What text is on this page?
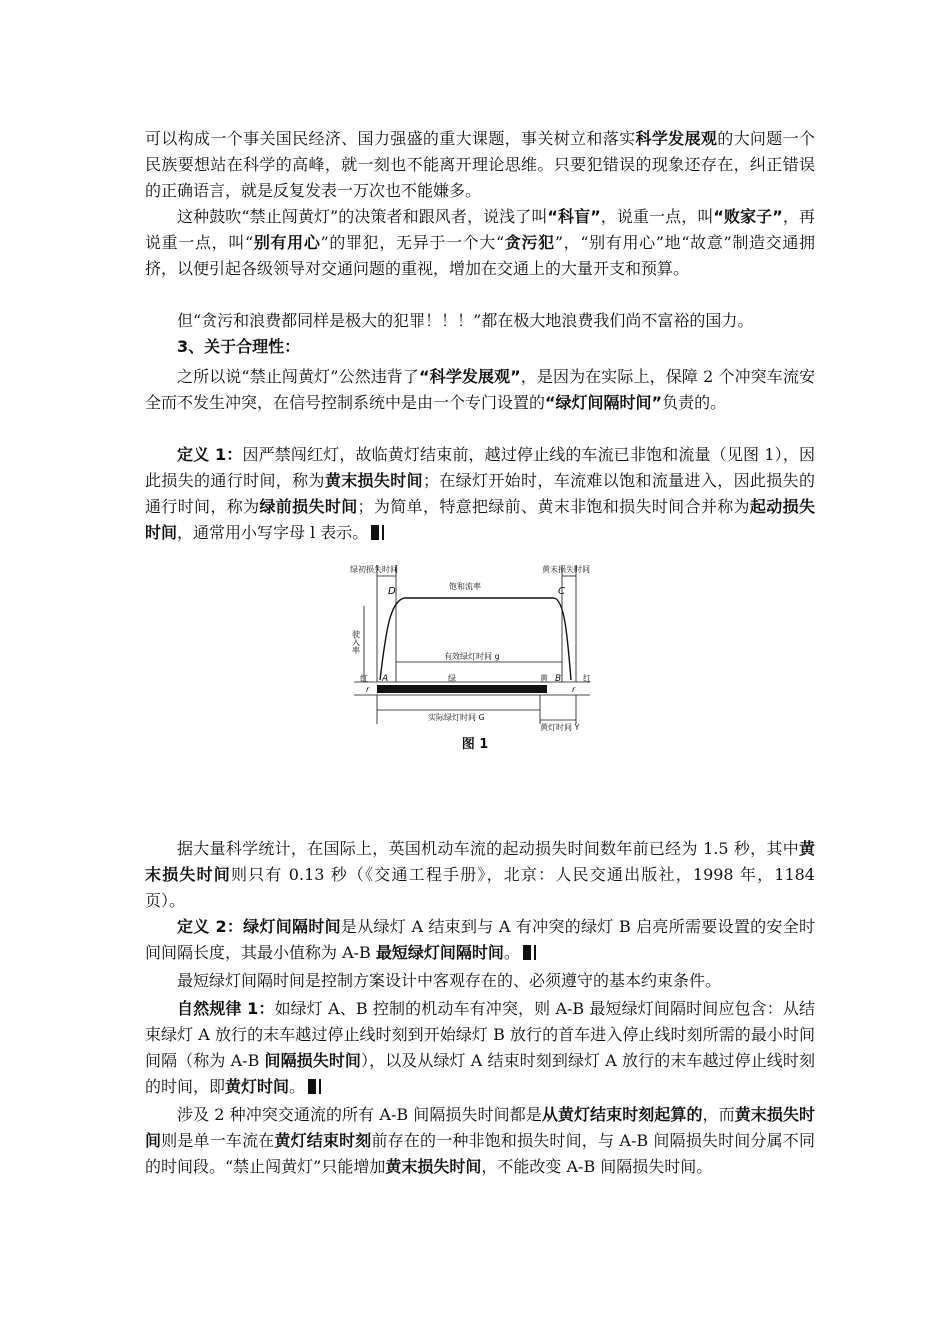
可以构成一个事关国民经济、国力强盛的重大课题，事关树立和落实科学发展观的大问题一个民族要想站在科学的高峰，就一刻也不能离开理论思维。只要犯错误的现象还存在，纠正错误的正确语言，就是反复发表一万次也不能嫌多。

这种鼓吹“禁止闯黄灯”的决策者和跟风者，说浅了叫“科盲”，说重一点，叫“败家子”，再说重一点，叫“别有用心”的罪犯，无异于一个大“贪污犯”，“别有用心”地“故意”制造交通拥挤，以便引起各级领导对交通问题的重视，增加在交通上的大量开支和预算。

但“贪污和浪费都同样是极大的犯罪！！！”都在极大地浪费我们尚不富裕的国力。

3、关于合理性：

之所以说“禁止闯黄灯”公然违背了“科学发展观”，是因为在实际上，保障 2 个冲突车流安全而不发生冲突，在信号控制系统中是由一个专门设置的“绿灯间隔时间”负责的。

定义 1：因严禁闯红灯，故临黄灯结束前，越过停止线的车流已非饱和流量（见图 1），因此损失的通行时间，称为黄末损失时间；在绿灯开始时，车流难以饱和流量进入，因此损失的通行时间，称为绿前损失时间；为简单，特意把绿前、黄末非饱和损失时间合并称为起动损失时间，通常用小写字母 l 表示。

绿初损失时间	黄末损失时间
饱和流率
D	C
驶入率
有效绿灯时间 g
红	绿	黄	红
A	B
r	r
实际绿灯时间 G
黄灯时间 Y
图 1

据大量科学统计，在国际上，英国机动车流的起动损失时间数年前已经为 1.5 秒，其中黄末损失时间则只有 0.13 秒（《交通工程手册》，北京：人民交通出版社，1998 年，1184 页）。

定义 2：绿灯间隔时间是从绿灯 A 结束到与 A 有冲突的绿灯 B 启亮所需要设置的安全时间间隔长度，其最小值称为 A-B 最短绿灯间隔时间。

最短绿灯间隔时间是控制方案设计中客观存在的、必须遵守的基本约束条件。

自然规律 1：如绿灯 A、B 控制的机动车有冲突，则 A-B 最短绿灯间隔时间应包含：从结束绿灯 A 放行的末车越过停止线时刻到开始绿灯 B 放行的首车进入停止线时刻所需的最小时间间隔（称为 A-B 间隔损失时间），以及从绿灯 A 结束时刻到绿灯 A 放行的末车越过停止线时刻的时间，即黄灯时间。

涉及 2 种冲突交通流的所有 A-B 间隔损失时间都是从黄灯结束时刻起算的，而黄末损失时间则是单一车流在黄灯结束时刻前存在的一种非饱和损失时间，与 A-B 间隔损失时间分属不同的时间段。“禁止闯黄灯”只能增加黄末损失时间，不能改变 A-B 间隔损失时间。
